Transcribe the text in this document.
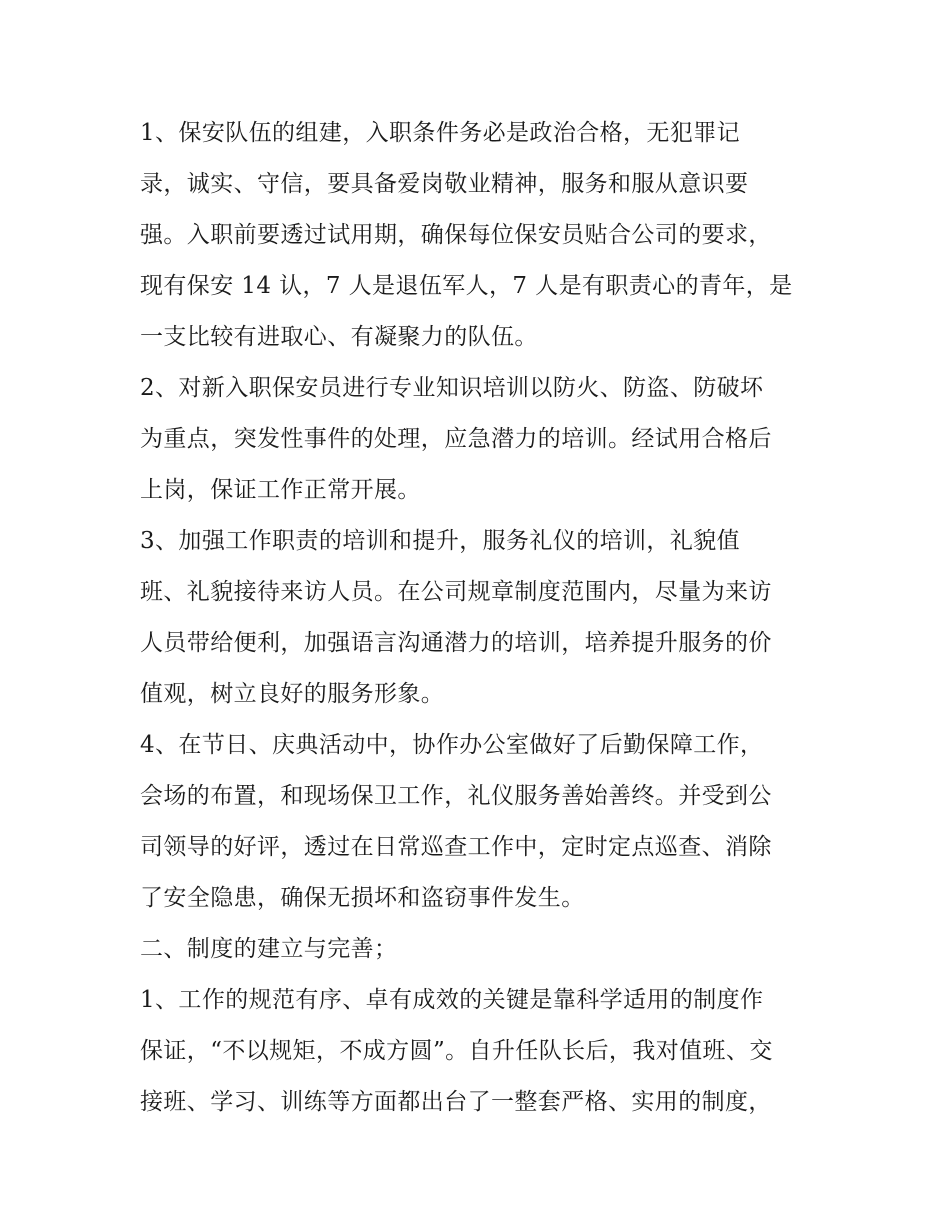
1、保安队伍的组建，入职条件务必是政治合格，无犯罪记
录，诚实、守信，要具备爱岗敬业精神，服务和服从意识要
强。入职前要透过试用期，确保每位保安员贴合公司的要求，
现有保安 14 认，7 人是退伍军人，7 人是有职责心的青年，是
一支比较有进取心、有凝聚力的队伍。
2、对新入职保安员进行专业知识培训以防火、防盗、防破坏
为重点，突发性事件的处理，应急潜力的培训。经试用合格后
上岗，保证工作正常开展。
3、加强工作职责的培训和提升，服务礼仪的培训，礼貌值
班、礼貌接待来访人员。在公司规章制度范围内，尽量为来访
人员带给便利，加强语言沟通潜力的培训，培养提升服务的价
值观，树立良好的服务形象。
4、在节日、庆典活动中，协作办公室做好了后勤保障工作，
会场的布置，和现场保卫工作，礼仪服务善始善终。并受到公
司领导的好评，透过在日常巡查工作中，定时定点巡查、消除
了安全隐患，确保无损坏和盗窃事件发生。
二、制度的建立与完善；
1、工作的规范有序、卓有成效的关键是靠科学适用的制度作
保证，“不以规矩，不成方圆”。自升任队长后，我对值班、交
接班、学习、训练等方面都出台了一整套严格、实用的制度，
